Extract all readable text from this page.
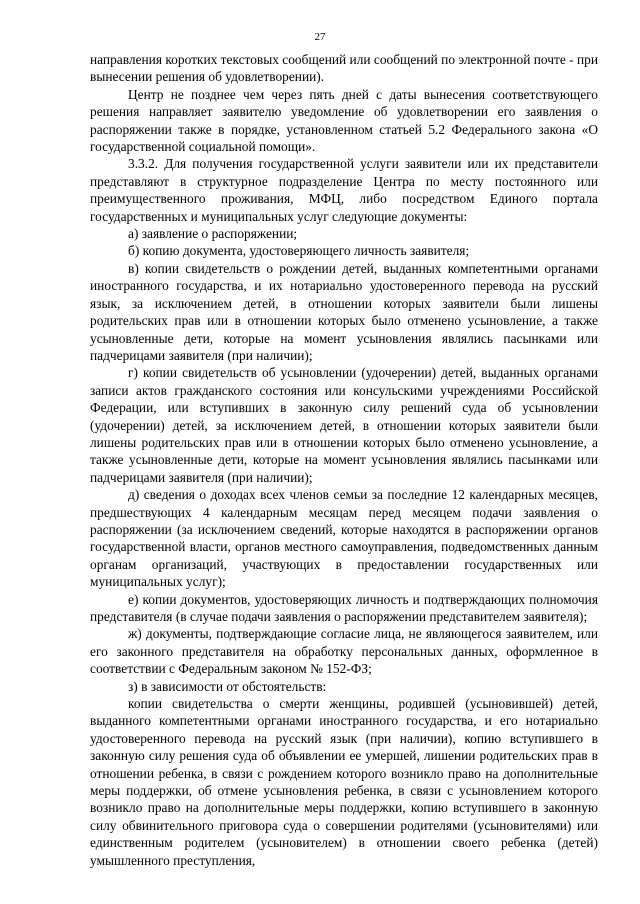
27

направления коротких текстовых сообщений или сообщений по электронной почте - при вынесении решения об удовлетворении).

Центр не позднее чем через пять дней с даты вынесения соответствующего решения направляет заявителю уведомление об удовлетворении его заявления о распоряжении также в порядке, установленном статьей 5.2 Федерального закона «О государственной социальной помощи».

3.3.2. Для получения государственной услуги заявители или их представители представляют в структурное подразделение Центра по месту постоянного или преимущественного проживания, МФЦ, либо посредством Единого портала государственных и муниципальных услуг следующие документы:

а) заявление о распоряжении;

б) копию документа, удостоверяющего личность заявителя;

в) копии свидетельств о рождении детей, выданных компетентными органами иностранного государства, и их нотариально удостоверенного перевода на русский язык, за исключением детей, в отношении которых заявители были лишены родительских прав или в отношении которых было отменено усыновление, а также усыновленные дети, которые на момент усыновления являлись пасынками или падчерицами заявителя (при наличии);

г) копии свидетельств об усыновлении (удочерении) детей, выданных органами записи актов гражданского состояния или консульскими учреждениями Российской Федерации, или вступивших в законную силу решений суда об усыновлении (удочерении) детей, за исключением детей, в отношении которых заявители были лишены родительских прав или в отношении которых было отменено усыновление, а также усыновленные дети, которые на момент усыновления являлись пасынками или падчерицами заявителя (при наличии);

д) сведения о доходах всех членов семьи за последние 12 календарных месяцев, предшествующих 4 календарным месяцам перед месяцем подачи заявления о распоряжении (за исключением сведений, которые находятся в распоряжении органов государственной власти, органов местного самоуправления, подведомственных данным органам организаций, участвующих в предоставлении государственных или муниципальных услуг);

е) копии документов, удостоверяющих личность и подтверждающих полномочия представителя (в случае подачи заявления о распоряжении представителем заявителя);

ж) документы, подтверждающие согласие лица, не являющегося заявителем, или его законного представителя на обработку персональных данных, оформленное в соответствии с Федеральным законом № 152-ФЗ;

з) в зависимости от обстоятельств:

копии свидетельства о смерти женщины, родившей (усыновившей) детей, выданного компетентными органами иностранного государства, и его нотариально удостоверенного перевода на русский язык (при наличии), копию вступившего в законную силу решения суда об объявлении ее умершей, лишении родительских прав в отношении ребенка, в связи с рождением которого возникло право на дополнительные меры поддержки, об отмене усыновления ребенка, в связи с усыновлением которого возникло право на дополнительные меры поддержки, копию вступившего в законную силу обвинительного приговора суда о совершении родителями (усыновителями) или единственным родителем (усыновителем) в отношении своего ребенка (детей) умышленного преступления,
